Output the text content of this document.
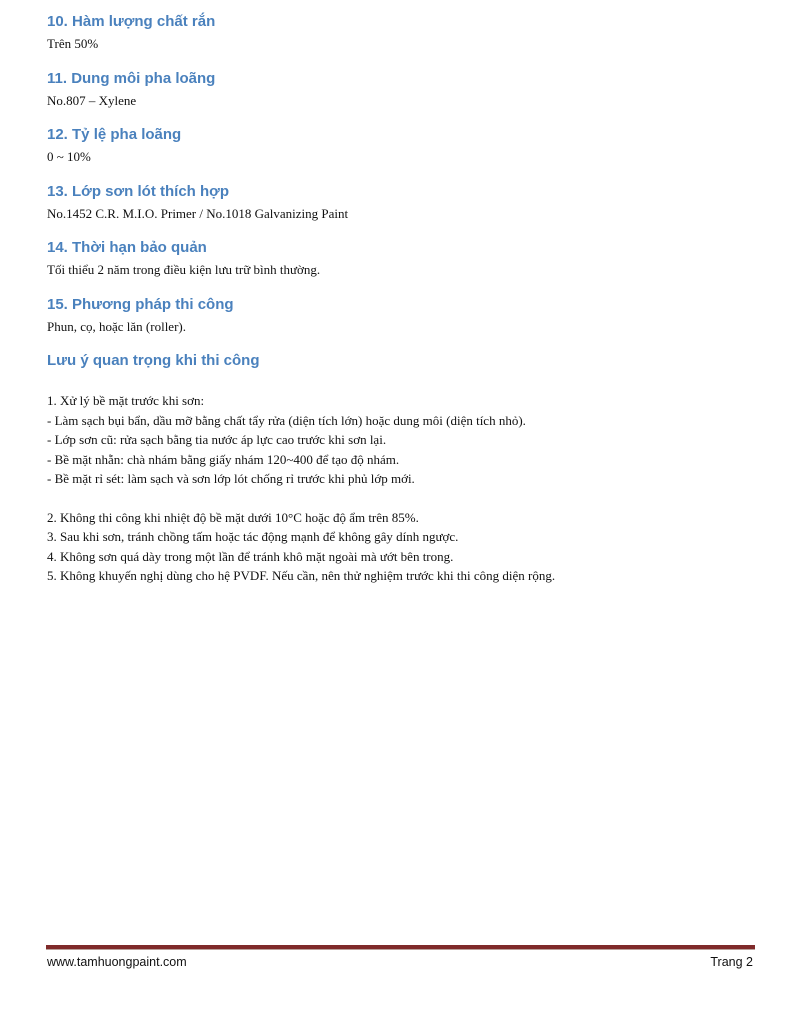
10. Hàm lượng chất rắn

Trên 50%

11. Dung môi pha loãng

No.807 – Xylene

12. Tỷ lệ pha loãng

0 ~ 10%

13. Lớp sơn lót thích hợp

No.1452 C.R. M.I.O. Primer / No.1018 Galvanizing Paint

14. Thời hạn bảo quản

Tối thiểu 2 năm trong điều kiện lưu trữ bình thường.

15. Phương pháp thi công

Phun, cọ, hoặc lăn (roller).

Lưu ý quan trọng khi thi công

1. Xử lý bề mặt trước khi sơn:

- Làm sạch bụi bẩn, dầu mỡ bằng chất tẩy rửa (diện tích lớn) hoặc dung môi (diện tích nhỏ).

- Lớp sơn cũ: rửa sạch bằng tia nước áp lực cao trước khi sơn lại.

- Bề mặt nhẵn: chà nhám bằng giấy nhám 120~400 để tạo độ nhám.

- Bề mặt rỉ sét: làm sạch và sơn lớp lót chống rỉ trước khi phủ lớp mới.

2. Không thi công khi nhiệt độ bề mặt dưới 10°C hoặc độ ẩm trên 85%.

3. Sau khi sơn, tránh chồng tấm hoặc tác động mạnh để không gây dính ngược.

4. Không sơn quá dày trong một lần để tránh khô mặt ngoài mà ướt bên trong.

5. Không khuyến nghị dùng cho hệ PVDF. Nếu cần, nên thử nghiệm trước khi thi công diện rộng.

www.tamhuongpaint.com	Trang 2
